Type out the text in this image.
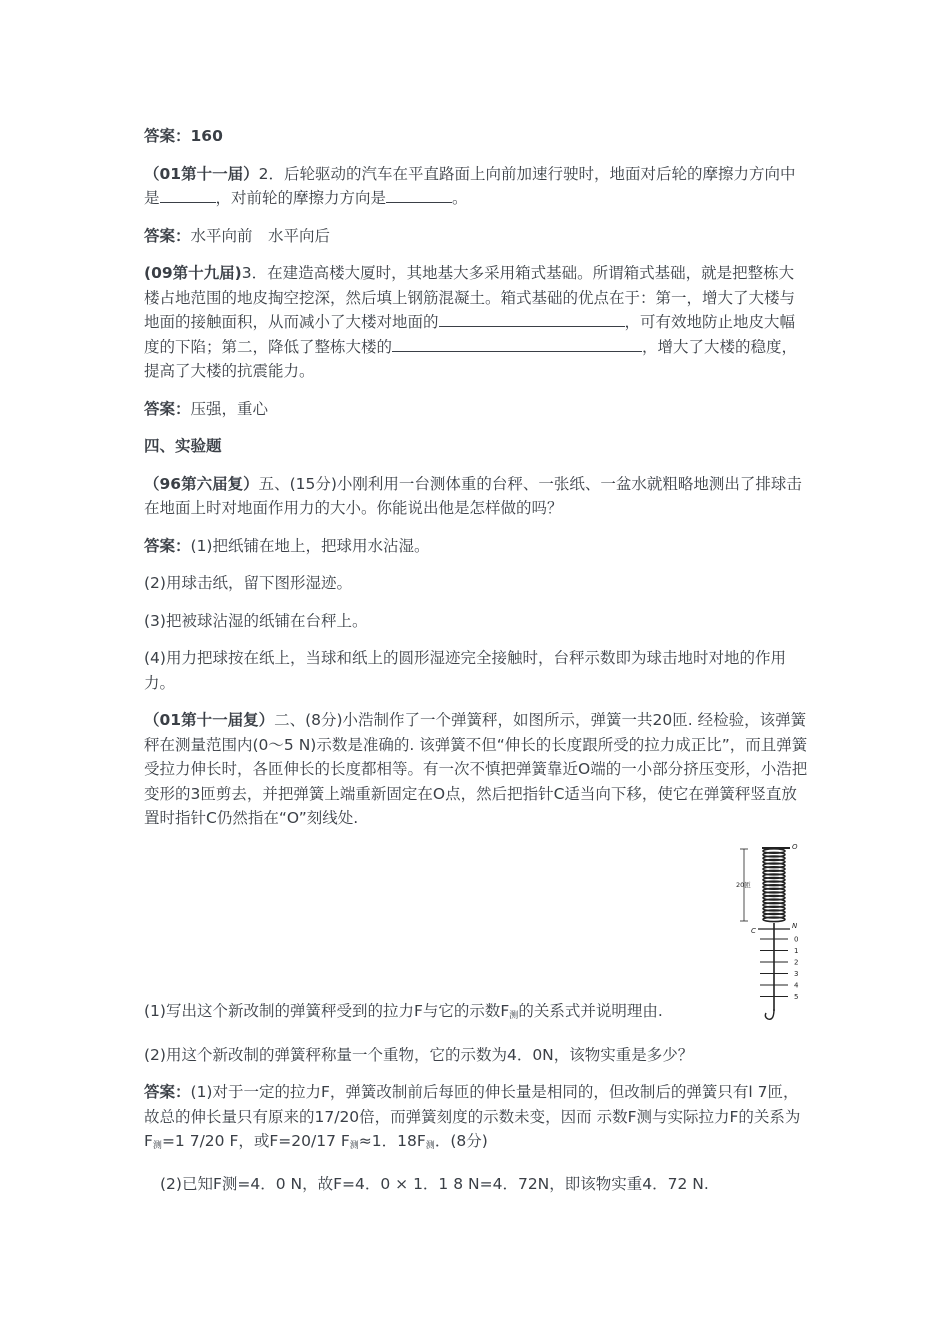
答案：160

（01第十一届）2．后轮驱动的汽车在平直路面上向前加速行驶时，地面对后轮的摩擦力方向中是	，对前轮的摩擦力方向是	。

答案：水平向前　水平向后

(09第十九届)3．在建造高楼大厦时，其地基大多采用箱式基础。所谓箱式基础，就是把整栋大楼占地范围的地皮掏空挖深，然后填上钢筋混凝土。箱式基础的优点在于：第一，增大了大楼与地面的接触面积，从而减小了大楼对地面的	，可有效地防止地皮大幅度的下陷；第二，降低了整栋大楼的	，增大了大楼的稳度，提高了大楼的抗震能力。

答案：压强，重心

四、实验题

（96第六届复）五、(15分)小刚利用一台测体重的台秤、一张纸、一盆水就粗略地测出了排球击在地面上时对地面作用力的大小。你能说出他是怎样做的吗？

答案：(1)把纸铺在地上，把球用水沾湿。

(2)用球击纸，留下图形湿迹。

(3)把被球沾湿的纸铺在台秤上。

(4)用力把球按在纸上，当球和纸上的圆形湿迹完全接触时，台秤示数即为球击地时对地的作用力。

（01第十一届复）二、(8分)小浩制作了一个弹簧秤，如图所示，弹簧一共20匝. 经检验，该弹簧秤在测量范围内(0～5 N)示数是准确的. 该弹簧不但“伸长的长度跟所受的拉力成正比”，而且弹簧受拉力伸长时，各匝伸长的长度都相等。有一次不慎把弹簧靠近O端的一小部分挤压变形，小浩把变形的3匝剪去，并把弹簧上端重新固定在O点，然后把指针C适当向下移，使它在弹簧秤竖直放置时指针C仍然指在“O”刻线处.

O
20匝
C
N
0
1
2
3
4
5
(1)写出这个新改制的弹簧秤受到的拉力F与它的示数$F_测$的关系式并说明理由.

(2)用这个新改制的弹簧秤称量一个重物，它的示数为4．0N，该物实重是多少？

答案：(1)对于一定的拉力F，弹簧改制前后每匝的伸长量是相同的，但改制后的弹簧只有l 7匝，故总的伸长量只有原来的17/20倍，而弹簧刻度的示数未变，因而 示数F测与实际拉力F的关系为$F_测=1$ 7/20 F，或F=20/17 $F_测\approx 1$．$18F_测$．(8分)

(2)已知F测=4．0 N，故F=4．0 × 1．1 8 N=4．72N，即该物实重4．72 N.
